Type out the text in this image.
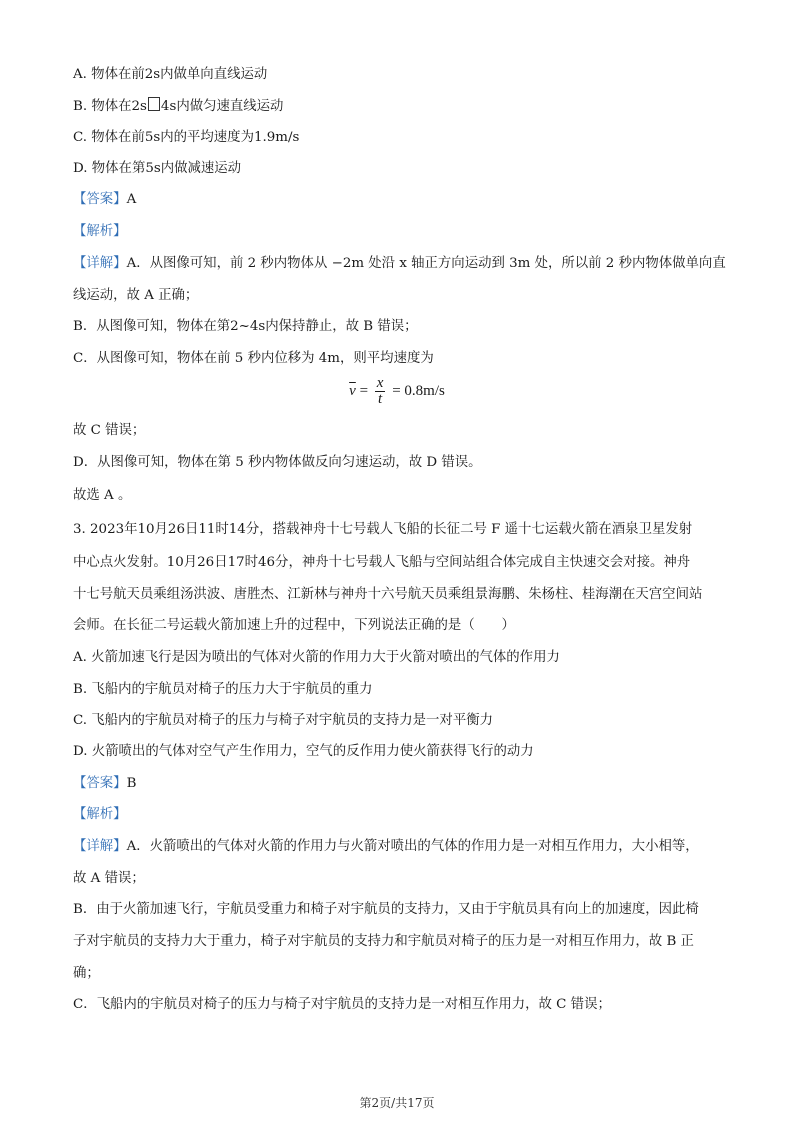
A. 物体在前2s内做单向直线运动
B. 物体在2s 4s内做匀速直线运动
C. 物体在前5s内的平均速度为1.9m/s
D. 物体在第5s内做减速运动
【答案】A
【解析】
【详解】A．从图像可知，前 2 秒内物体从 −2m 处沿 x 轴正方向运动到 3m 处，所以前 2 秒内物体做单向直
线运动，故 A 正确；
B．从图像可知，物体在第2~4s内保持静止，故 B 错误；
C．从图像可知，物体在前 5 秒内位移为 4m，则平均速度为
$\overline{v} = \frac{x}{t} = 0.8m/s$
故 C 错误；
D．从图像可知，物体在第 5 秒内物体做反向匀速运动，故 D 错误。
故选 A 。
3. 2023年10月26日11时14分，搭载神舟十七号载人飞船的长征二号 F 遥十七运载火箭在酒泉卫星发射
中心点火发射。10月26日17时46分，神舟十七号载人飞船与空间站组合体完成自主快速交会对接。神舟
十七号航天员乘组汤洪波、唐胜杰、江新林与神舟十六号航天员乘组景海鹏、朱杨柱、桂海潮在天宫空间站
会师。在长征二号运载火箭加速上升的过程中，下列说法正确的是（　　）
A. 火箭加速飞行是因为喷出的气体对火箭的作用力大于火箭对喷出的气体的作用力
B. 飞船内的宇航员对椅子的压力大于宇航员的重力
C. 飞船内的宇航员对椅子的压力与椅子对宇航员的支持力是一对平衡力
D. 火箭喷出的气体对空气产生作用力，空气的反作用力使火箭获得飞行的动力
【答案】B
【解析】
【详解】A．火箭喷出的气体对火箭的作用力与火箭对喷出的气体的作用力是一对相互作用力，大小相等，
故 A 错误；
B．由于火箭加速飞行，宇航员受重力和椅子对宇航员的支持力，又由于宇航员具有向上的加速度，因此椅
子对宇航员的支持力大于重力，椅子对宇航员的支持力和宇航员对椅子的压力是一对相互作用力，故 B 正
确；
C．飞船内的宇航员对椅子的压力与椅子对宇航员的支持力是一对相互作用力，故 C 错误；
第2页/共17页
